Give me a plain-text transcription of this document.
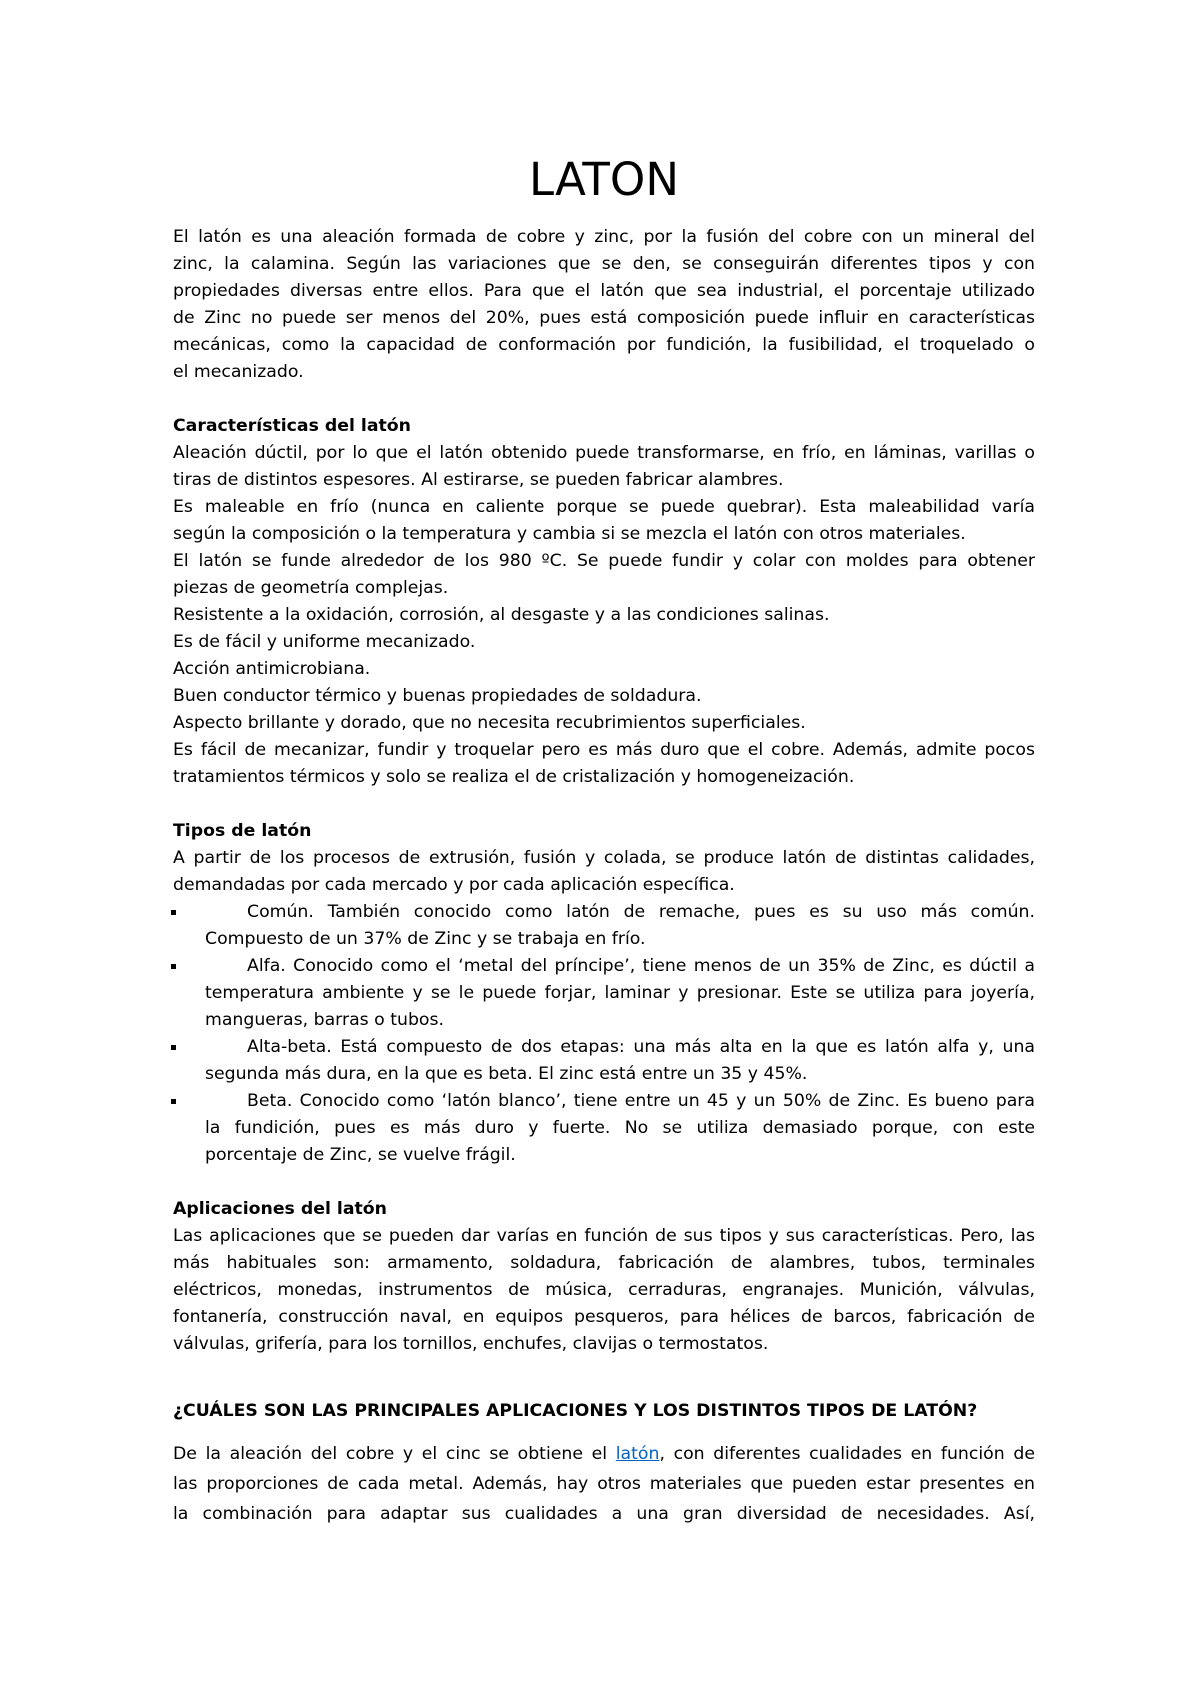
LATON
El latón es una aleación formada de cobre y zinc, por la fusión del cobre con un mineral del
zinc, la calamina. Según las variaciones que se den, se conseguirán diferentes tipos y con
propiedades diversas entre ellos. Para que el latón que sea industrial, el porcentaje utilizado
de Zinc no puede ser menos del 20%, pues está composición puede influir en características
mecánicas, como la capacidad de conformación por fundición, la fusibilidad, el troquelado o
el mecanizado.
Características del latón
Aleación dúctil, por lo que el latón obtenido puede transformarse, en frío, en láminas, varillas o
tiras de distintos espesores. Al estirarse, se pueden fabricar alambres.
Es maleable en frío (nunca en caliente porque se puede quebrar). Esta maleabilidad varía
según la composición o la temperatura y cambia si se mezcla el latón con otros materiales.
El latón se funde alrededor de los 980 ºC. Se puede fundir y colar con moldes para obtener
piezas de geometría complejas.
Resistente a la oxidación, corrosión, al desgaste y a las condiciones salinas.
Es de fácil y uniforme mecanizado.
Acción antimicrobiana.
Buen conductor térmico y buenas propiedades de soldadura.
Aspecto brillante y dorado, que no necesita recubrimientos superficiales.
Es fácil de mecanizar, fundir y troquelar pero es más duro que el cobre. Además, admite pocos
tratamientos térmicos y solo se realiza el de cristalización y homogeneización.
Tipos de latón
A partir de los procesos de extrusión, fusión y colada, se produce latón de distintas calidades,
demandadas por cada mercado y por cada aplicación específica.
Común. También conocido como latón de remache, pues es su uso más común.
Compuesto de un 37% de Zinc y se trabaja en frío.
Alfa. Conocido como el ‘metal del príncipe’, tiene menos de un 35% de Zinc, es dúctil a
temperatura ambiente y se le puede forjar, laminar y presionar. Este se utiliza para joyería,
mangueras, barras o tubos.
Alta-beta. Está compuesto de dos etapas: una más alta en la que es latón alfa y, una
segunda más dura, en la que es beta. El zinc está entre un 35 y 45%.
Beta. Conocido como ‘latón blanco’, tiene entre un 45 y un 50% de Zinc. Es bueno para
la fundición, pues es más duro y fuerte. No se utiliza demasiado porque, con este
porcentaje de Zinc, se vuelve frágil.
Aplicaciones del latón
Las aplicaciones que se pueden dar varías en función de sus tipos y sus características. Pero, las
más habituales son: armamento, soldadura, fabricación de alambres, tubos, terminales
eléctricos, monedas, instrumentos de música, cerraduras, engranajes. Munición, válvulas,
fontanería, construcción naval, en equipos pesqueros, para hélices de barcos, fabricación de
válvulas, grifería, para los tornillos, enchufes, clavijas o termostatos.
¿CUÁLES SON LAS PRINCIPALES APLICACIONES Y LOS DISTINTOS TIPOS DE LATÓN?
De la aleación del cobre y el cinc se obtiene el latón, con diferentes cualidades en función de
las proporciones de cada metal. Además, hay otros materiales que pueden estar presentes en
la combinación para adaptar sus cualidades a una gran diversidad de necesidades. Así,
